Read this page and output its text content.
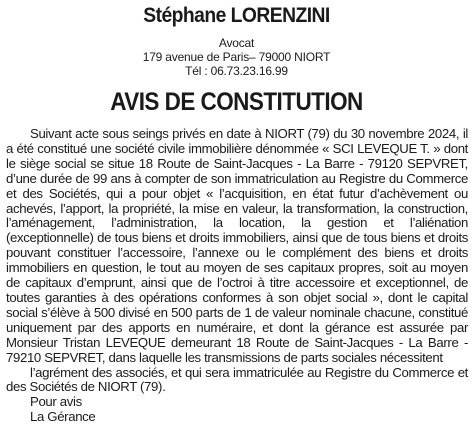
Stéphane LORENZINI
Avocat
179 avenue de Paris– 79000 NIORT
Tél : 06.73.23.16.99
AVIS DE CONSTITUTION

Suivant acte sous seings privés en date à NIORT (79) du 30 novembre 2024, il a été constitué une société civile immobilière dénommée « SCI LEVEQUE T. » dont le siège social se situe 18 Route de Saint-Jacques - La Barre - 79120 SEPVRET, d’une durée de 99 ans à compter de son immatriculation au Registre du Commerce et des Sociétés, qui a pour objet « l’acquisition, en état futur d’achèvement ou achevés, l’apport, la propriété, la mise en valeur, la transformation, la construction, l’aménagement, l’administration, la location, la gestion et l’aliénation (exceptionnelle) de tous biens et droits immobiliers, ainsi que de tous biens et droits pouvant constituer l’accessoire, l’annexe ou le complément des biens et droits immobiliers en question, le tout au moyen de ses capitaux propres, soit au moyen de capitaux d’emprunt, ainsi que de l’octroi à titre accessoire et exceptionnel, de toutes garanties à des opérations conformes à son objet social », dont le capital social s’élève à 500 divisé en 500 parts de 1 de valeur nominale chacune, constitué uniquement par des apports en numéraire, et dont la gérance est assurée par Monsieur Tristan LEVEQUE demeurant 18 Route de Saint-Jacques - La Barre - 79210 SEPVRET, dans laquelle les transmissions de parts sociales nécessitent

l’agrément des associés, et qui sera immatriculée au Registre du Commerce et des Sociétés de NIORT (79).

Pour avis

La Gérance
